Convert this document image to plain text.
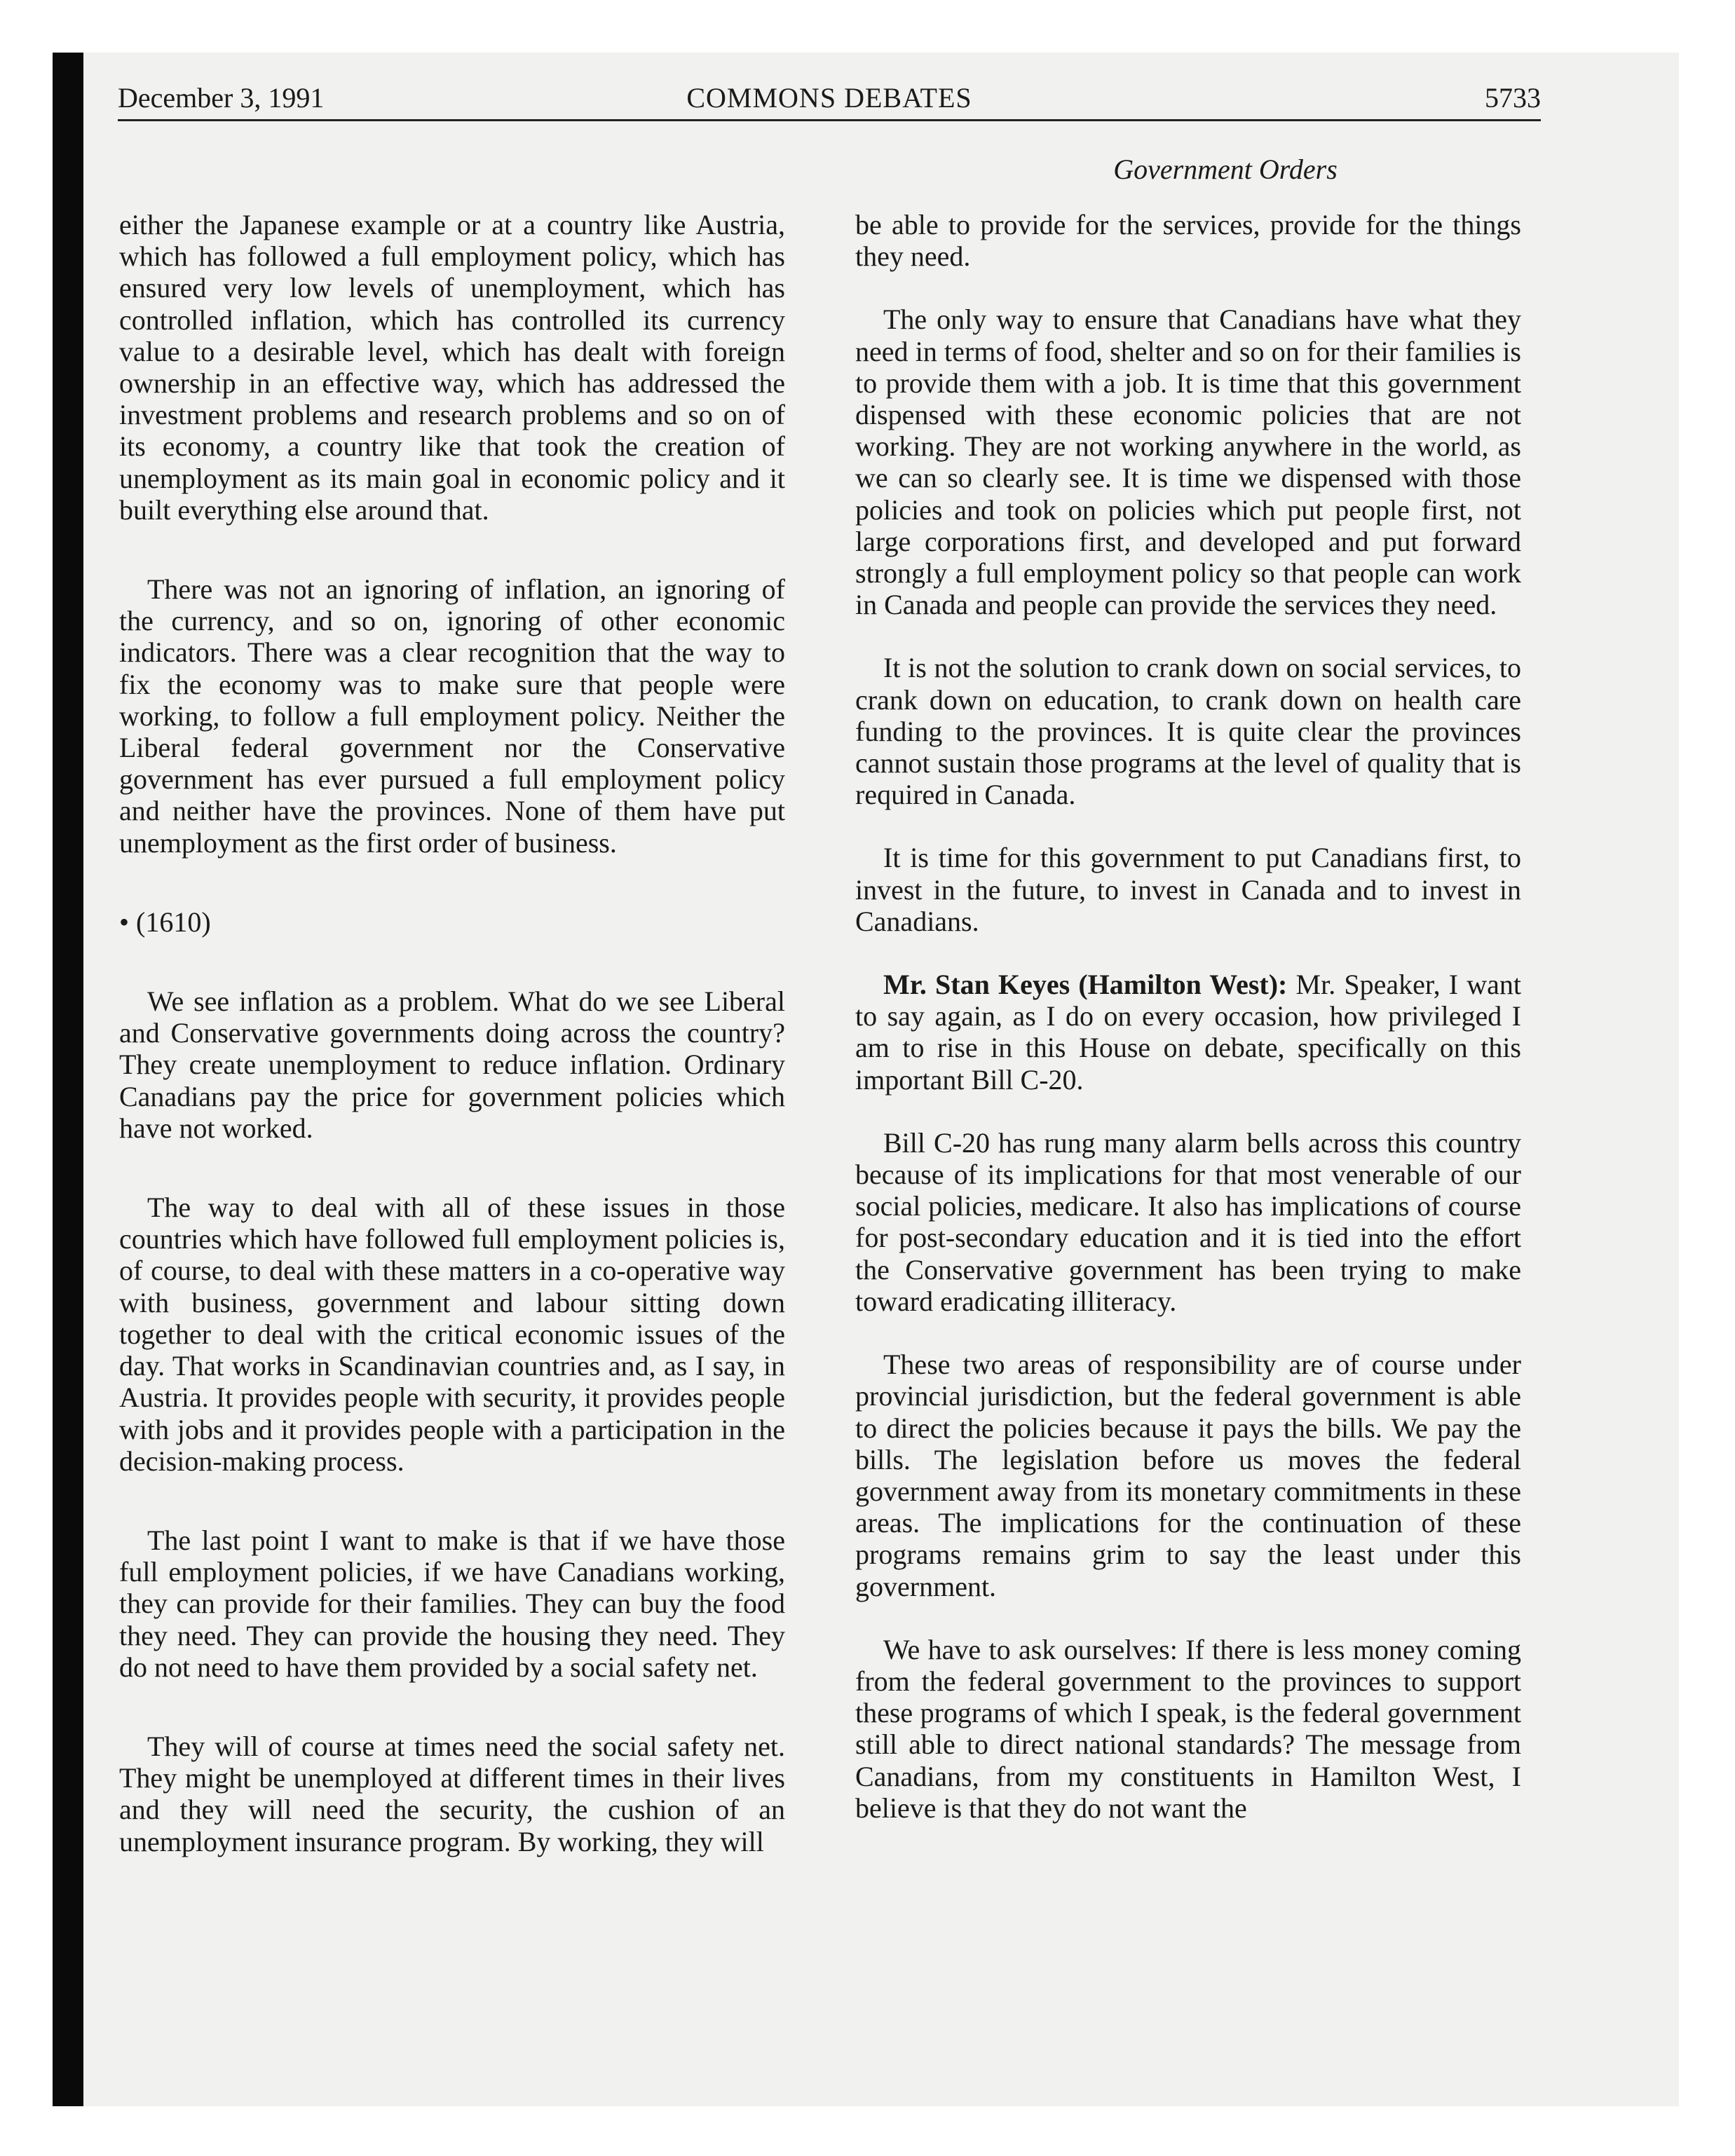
December 3, 1991	COMMONS DEBATES	5733
Government Orders

either the Japanese example or at a country like Austria, which has followed a full employment policy, which has ensured very low levels of unemployment, which has controlled inflation, which has controlled its currency value to a desirable level, which has dealt with foreign ownership in an effective way, which has addressed the investment problems and research problems and so on of its economy, a country like that took the creation of unemployment as its main goal in economic policy and it built everything else around that.

There was not an ignoring of inflation, an ignoring of the currency, and so on, ignoring of other economic indicators. There was a clear recognition that the way to fix the economy was to make sure that people were working, to follow a full employment policy. Neither the Liberal federal government nor the Conservative government has ever pursued a full employment policy and neither have the provinces. None of them have put unemployment as the first order of business.

• (1610)

We see inflation as a problem. What do we see Liberal and Conservative governments doing across the country? They create unemployment to reduce inflation. Ordinary Canadians pay the price for government policies which have not worked.

The way to deal with all of these issues in those countries which have followed full employment policies is, of course, to deal with these matters in a co-operative way with business, government and labour sitting down together to deal with the critical economic issues of the day. That works in Scandinavian countries and, as I say, in Austria. It provides people with security, it provides people with jobs and it provides people with a participation in the decision-making process.

The last point I want to make is that if we have those full employment policies, if we have Canadians working, they can provide for their families. They can buy the food they need. They can provide the housing they need. They do not need to have them provided by a social safety net.

They will of course at times need the social safety net. They might be unemployed at different times in their lives and they will need the security, the cushion of an unemployment insurance program. By working, they will

be able to provide for the services, provide for the things they need.

The only way to ensure that Canadians have what they need in terms of food, shelter and so on for their families is to provide them with a job. It is time that this government dispensed with these economic policies that are not working. They are not working anywhere in the world, as we can so clearly see. It is time we dispensed with those policies and took on policies which put people first, not large corporations first, and developed and put forward strongly a full employment policy so that people can work in Canada and people can provide the services they need.

It is not the solution to crank down on social services, to crank down on education, to crank down on health care funding to the provinces. It is quite clear the provinces cannot sustain those programs at the level of quality that is required in Canada.

It is time for this government to put Canadians first, to invest in the future, to invest in Canada and to invest in Canadians.

Mr. Stan Keyes (Hamilton West): Mr. Speaker, I want to say again, as I do on every occasion, how privileged I am to rise in this House on debate, specifically on this important Bill C-20.

Bill C-20 has rung many alarm bells across this country because of its implications for that most venerable of our social policies, medicare. It also has implications of course for post-secondary education and it is tied into the effort the Conservative government has been trying to make toward eradicating illiteracy.

These two areas of responsibility are of course under provincial jurisdiction, but the federal government is able to direct the policies because it pays the bills. We pay the bills. The legislation before us moves the federal government away from its monetary commitments in these areas. The implications for the continuation of these programs remains grim to say the least under this government.

We have to ask ourselves: If there is less money coming from the federal government to the provinces to support these programs of which I speak, is the federal government still able to direct national standards? The message from Canadians, from my constituents in Hamilton West, I believe is that they do not want the
